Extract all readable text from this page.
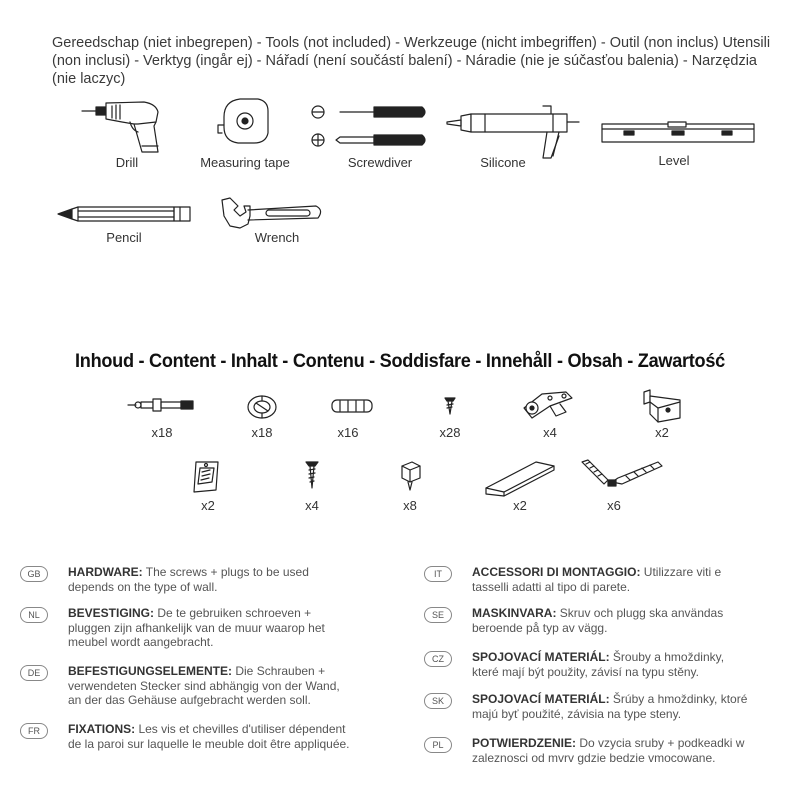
Gereedschap (niet inbegrepen) - Tools (not included) - Werkzeuge (nicht imbegriffen) - Outil (non inclus) Utensili (non inclusi) - Verktyg (ingår ej) - Nářadí (není součástí balení) - Náradie (nie je súčasťou balenia) - Narzędzia (nie laczyc)
Drill	Measuring tape	Screwdiver	Silicone	Level
Pencil	Wrench
Inhoud - Content - Inhalt - Contenu - Soddisfare - Innehåll - Obsah - Zawartość
x18	x18	x16	x28	x4	x2
x2	x4	x8	x2	x6
GB	HARDWARE: The screws + plugs to be used depends on the type of wall.
NL	BEVESTIGING: De te gebruiken schroeven + pluggen zijn afhankelijk van de muur waarop het meubel wordt aangebracht.
DE	BEFESTIGUNGSELEMENTE: Die Schrauben + verwendeten Stecker sind abhängig von der Wand, an der das Gehäuse aufgebracht werden soll.
FR	FIXATIONS: Les vis et chevilles d'utiliser dépendent de la paroi sur laquelle le meuble doit être appliquée.
IT	ACCESSORI DI MONTAGGIO: Utilizzare viti e tasselli adatti al tipo di parete.
SE	MASKINVARA: Skruv och plugg ska användas beroende på typ av vägg.
CZ	SPOJOVACÍ MATERIÁL: Šrouby a hmoždinky, které mají být použity, závisí na typu stěny.
SK	SPOJOVACÍ MATERIÁL: Šrúby a hmoždinky, ktoré majú byť použité, závisia na type steny.
PL	POTWIERDZENIE: Do vzycia sruby + podkeadki w zaleznosci od mvrv gdzie bedzie vmocowane.
